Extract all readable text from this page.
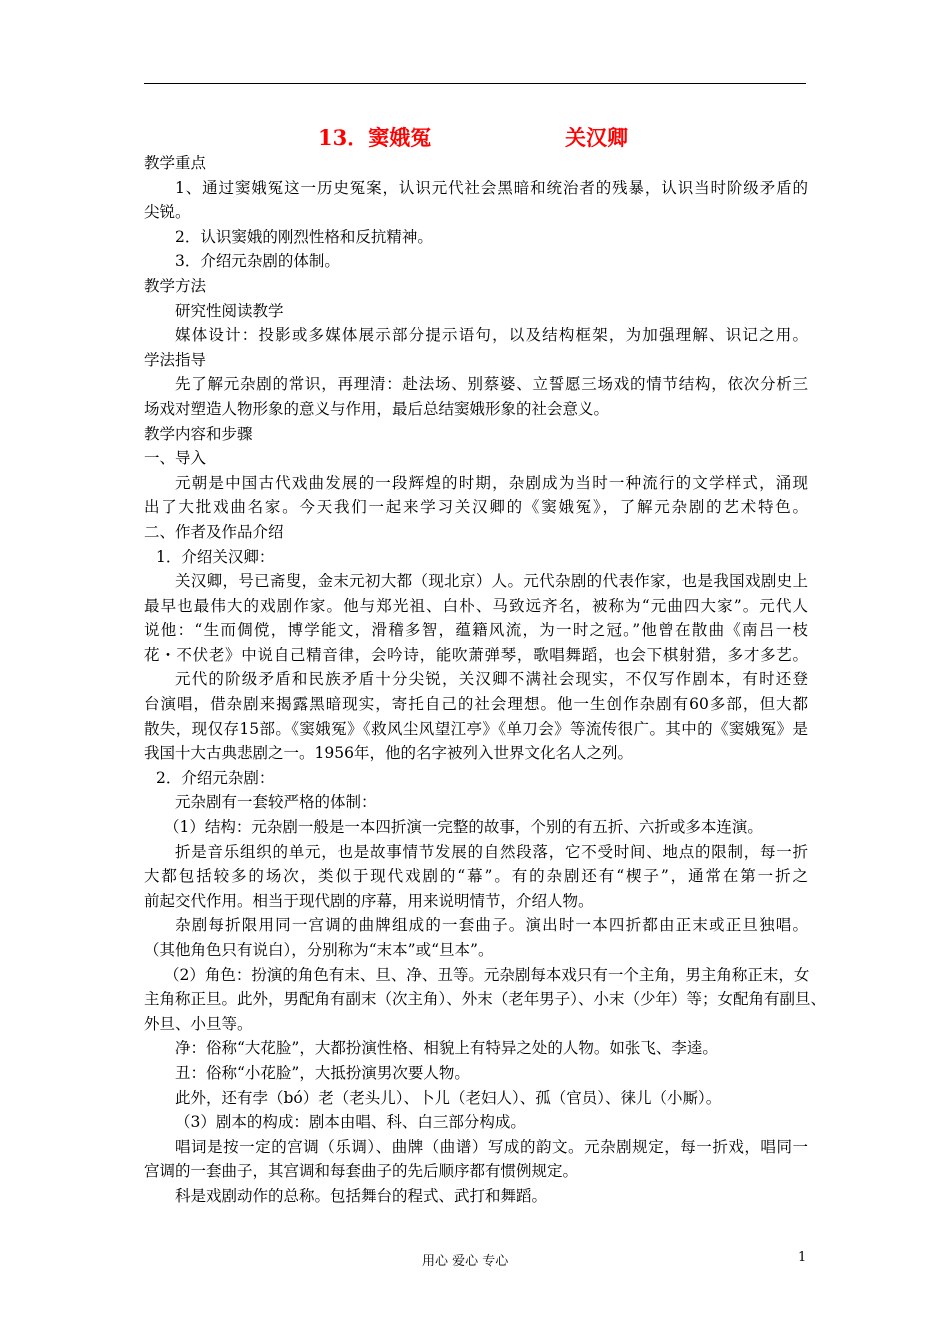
13．窦娥冤	关汉卿
教学重点
1、通过窦娥冤这一历史冤案，认识元代社会黑暗和统治者的残暴，认识当时阶级矛盾的
尖锐。
2．认识窦娥的刚烈性格和反抗精神。
3．介绍元杂剧的体制。
教学方法
研究性阅读教学
媒体设计：投影或多媒体展示部分提示语句，以及结构框架，为加强理解、识记之用。
学法指导
先了解元杂剧的常识，再理清：赴法场、别蔡婆、立誓愿三场戏的情节结构，依次分析三
场戏对塑造人物形象的意义与作用，最后总结窦娥形象的社会意义。
教学内容和步骤
一、导入
元朝是中国古代戏曲发展的一段辉煌的时期，杂剧成为当时一种流行的文学样式，涌现
出了大批戏曲名家。今天我们一起来学习关汉卿的《窦娥冤》，了解元杂剧的艺术特色。
二、作者及作品介绍
1．介绍关汉卿：
关汉卿，号已斋叟，金末元初大都（现北京）人。元代杂剧的代表作家，也是我国戏剧史上
最早也最伟大的戏剧作家。他与郑光祖、白朴、马致远齐名，被称为“元曲四大家”。元代人
说他：“生而倜傥，博学能文，滑稽多智，蕴籍风流，为一时之冠。”他曾在散曲《南吕一枝
花・不伏老》中说自己精音律，会吟诗，能吹萧弹琴，歌唱舞蹈，也会下棋射猎，多才多艺。
元代的阶级矛盾和民族矛盾十分尖锐，关汉卿不满社会现实，不仅写作剧本，有时还登
台演唱，借杂剧来揭露黑暗现实，寄托自己的社会理想。他一生创作杂剧有60多部，但大都
散失，现仅存15部。《窦娥冤》《救风尘风望江亭》《单刀会》等流传很广。其中的《窦娥冤》是
我国十大古典悲剧之一。1956年，他的名字被列入世界文化名人之列。
2．介绍元杂剧：
元杂剧有一套较严格的体制：
（1）结构：元杂剧一般是一本四折演一完整的故事，个别的有五折、六折或多本连演。
折是音乐组织的单元，也是故事情节发展的自然段落，它不受时间、地点的限制，每一折
大都包括较多的场次，类似于现代戏剧的“幕”。有的杂剧还有“楔子”，通常在第一折之
前起交代作用。相当于现代剧的序幕，用来说明情节，介绍人物。
杂剧每折限用同一宫调的曲牌组成的一套曲子。演出时一本四折都由正末或正旦独唱。
（其他角色只有说白），分别称为“末本”或“旦本”。
（2）角色：扮演的角色有末、旦、净、丑等。元杂剧每本戏只有一个主角，男主角称正末，女
主角称正旦。此外，男配角有副末（次主角）、外末（老年男子）、小末（少年）等；女配角有副旦、
外旦、小旦等。
净：俗称“大花脸”，大都扮演性格、相貌上有特异之处的人物。如张飞、李逵。
丑：俗称“小花脸”，大抵扮演男次要人物。
此外，还有孛（bó）老（老头儿）、卜儿（老妇人）、孤（官员）、徕儿（小厮）。
（3）剧本的构成：剧本由唱、科、白三部分构成。
唱词是按一定的宫调（乐调）、曲牌（曲谱）写成的韵文。元杂剧规定，每一折戏，唱同一
宫调的一套曲子，其宫调和每套曲子的先后顺序都有惯例规定。
科是戏剧动作的总称。包括舞台的程式、武打和舞蹈。
用心 爱心 专心	1
